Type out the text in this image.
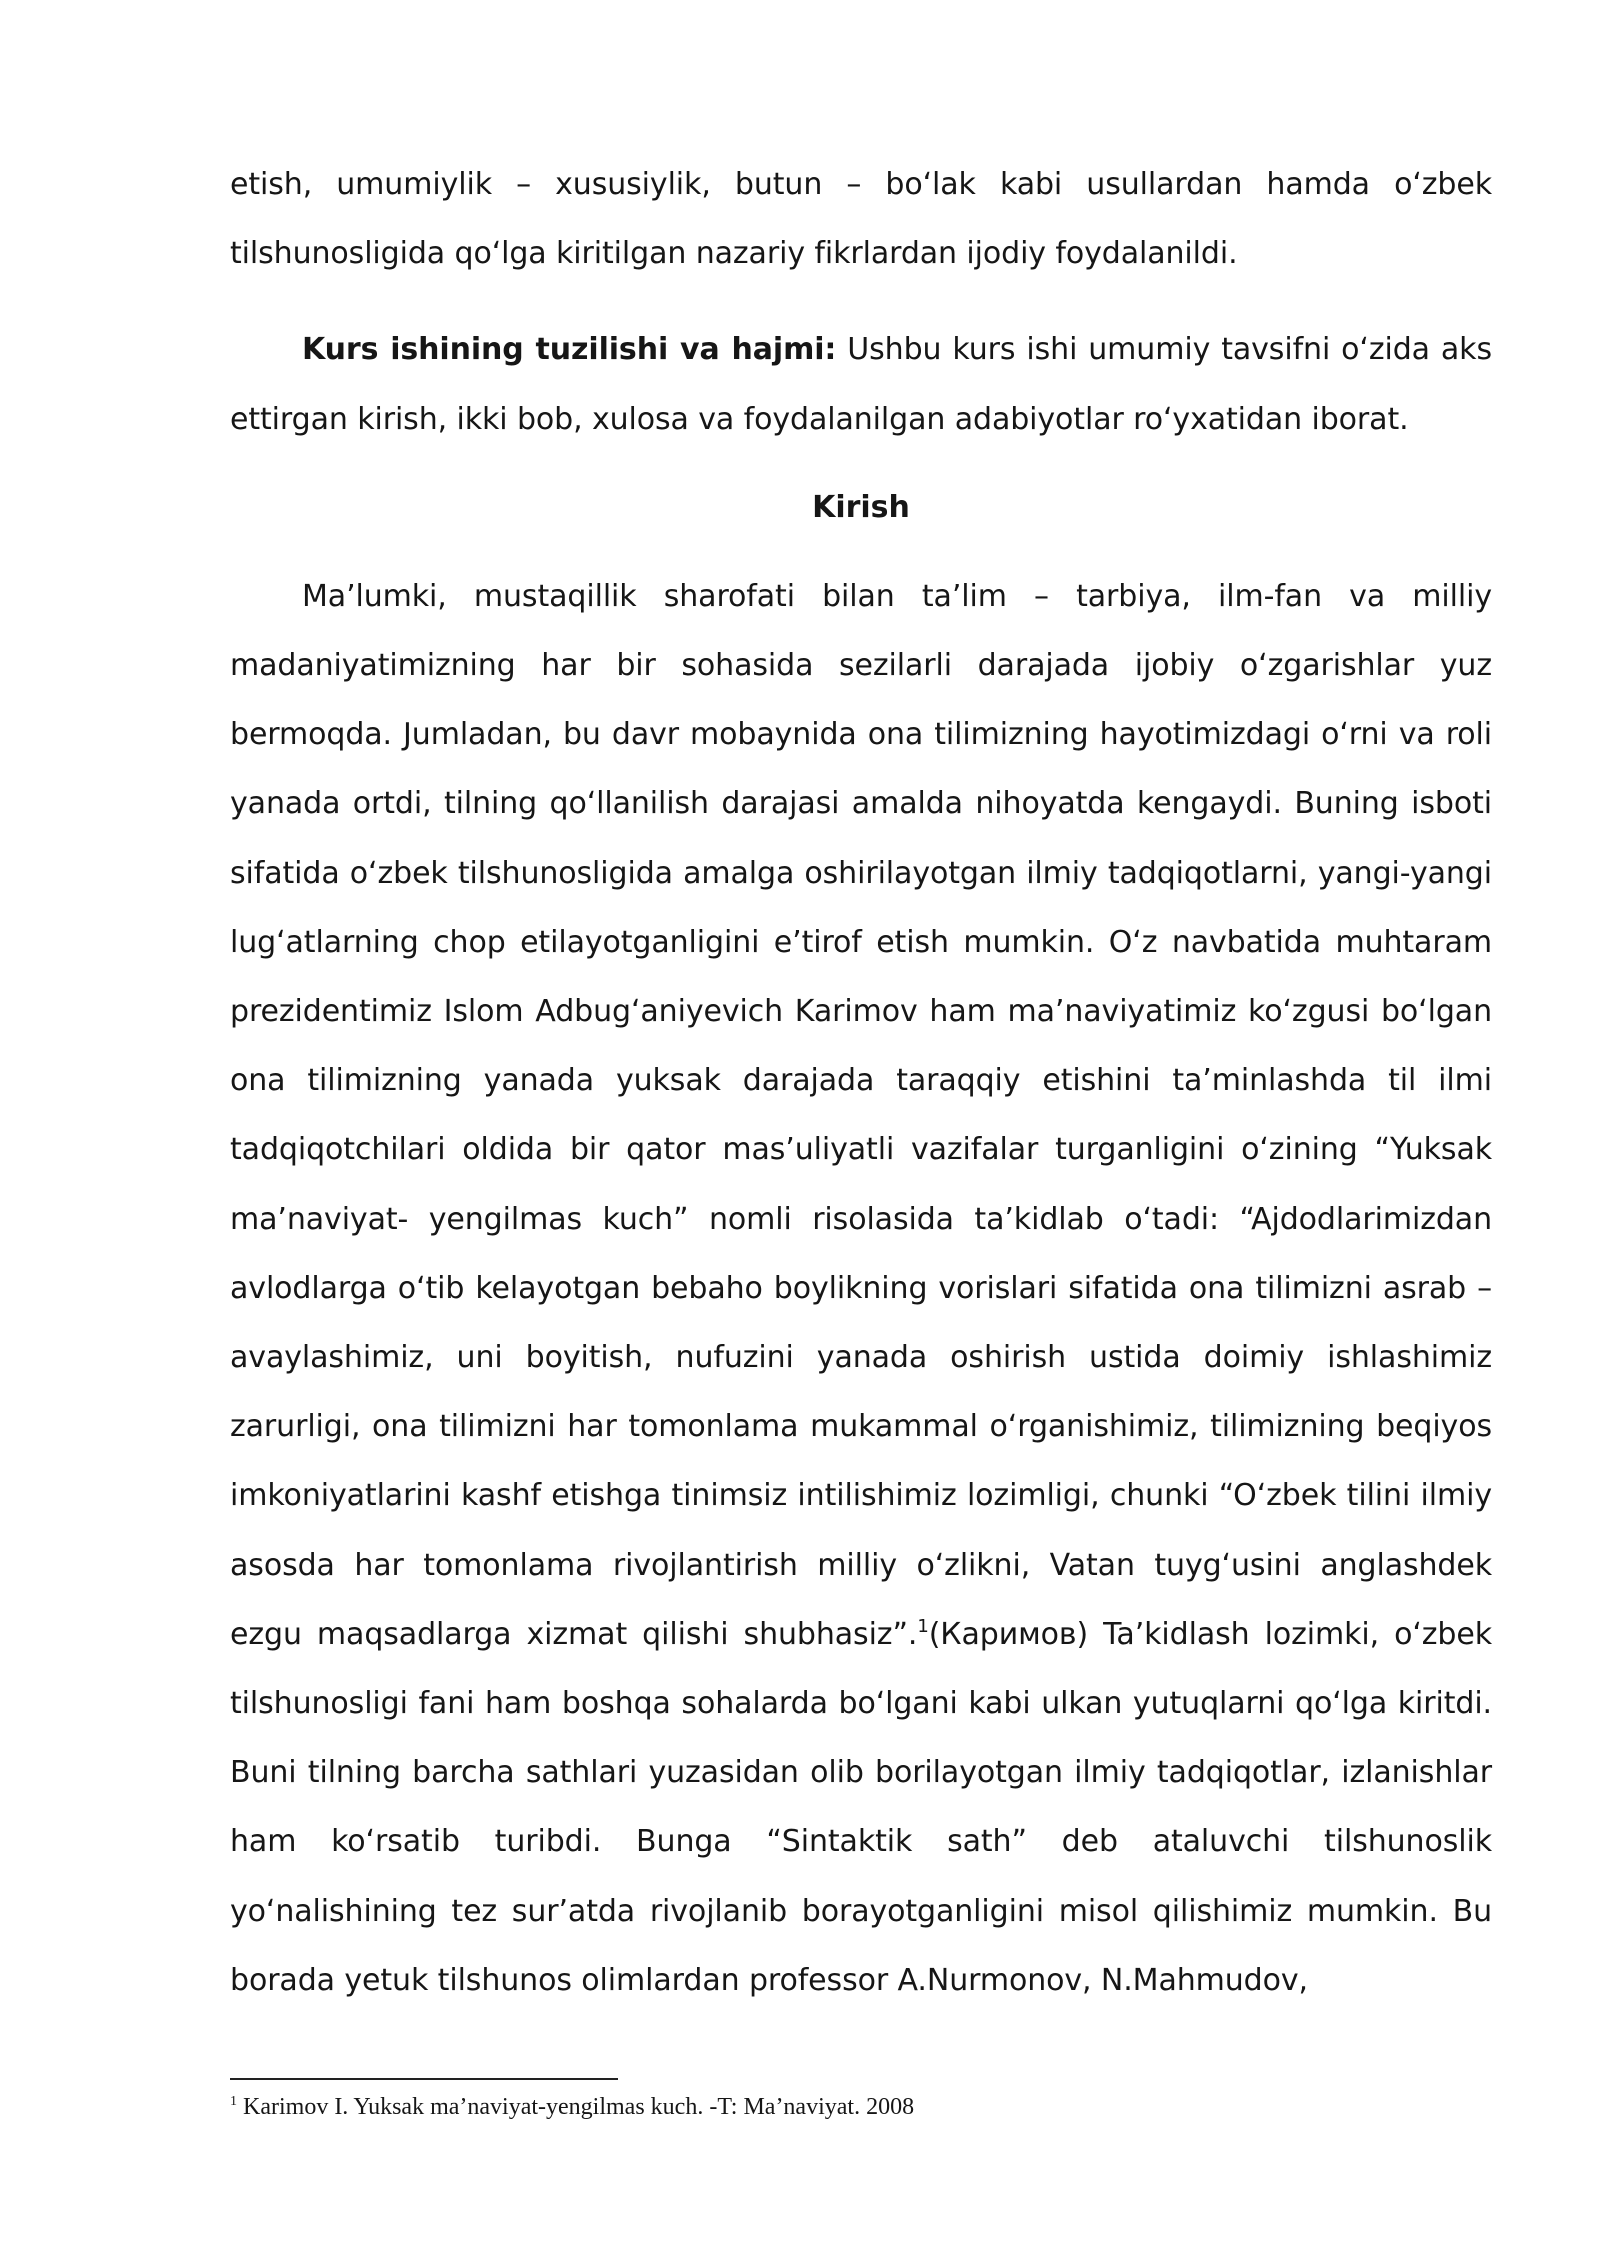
etish, umumiylik – xususiylik, butun – boʻlak kabi usullardan hamda oʻzbek tilshunosligida qoʻlga kiritilgan nazariy fikrlardan ijodiy foydalanildi.

Kurs ishining tuzilishi va hajmi: Ushbu kurs ishi umumiy tavsifni oʻzida aks ettirgan kirish, ikki bob, xulosa va foydalanilgan adabiyotlar roʻyxatidan iborat.

Kirish

Ma’lumki, mustaqillik sharofati bilan ta’lim – tarbiya, ilm-fan va milliy madaniyatimizning har bir sohasida sezilarli darajada ijobiy oʻzgarishlar yuz bermoqda. Jumladan, bu davr mobaynida ona tilimizning hayotimizdagi oʻrni va roli yanada ortdi, tilning qoʻllanilish darajasi amalda nihoyatda kengaydi. Buning isboti sifatida oʻzbek tilshunosligida amalga oshirilayotgan ilmiy tadqiqotlarni, yangi-yangi lugʻatlarning chop etilayotganligini e’tirof etish mumkin. Oʻz navbatida muhtaram prezidentimiz Islom Adbugʻaniyevich Karimov ham ma’naviyatimiz koʻzgusi boʻlgan ona tilimizning yanada yuksak darajada taraqqiy etishini ta’minlashda til ilmi tadqiqotchilari oldida bir qator mas’uliyatli vazifalar turganligini oʻzining “Yuksak ma’naviyat- yengilmas kuch” nomli risolasida ta’kidlab oʻtadi: “Ajdodlarimizdan avlodlarga oʻtib kelayotgan bebaho boylikning vorislari sifatida ona tilimizni asrab – avaylashimiz, uni boyitish, nufuzini yanada oshirish ustida doimiy ishlashimiz zarurligi, ona tilimizni har tomonlama mukammal oʻrganishimiz, tilimizning beqiyos imkoniyatlarini kashf etishga tinimsiz intilishimiz lozimligi, chunki “Oʻzbek tilini ilmiy asosda har tomonlama rivojlantirish milliy oʻzlikni, Vatan tuygʻusini anglashdek ezgu maqsadlarga xizmat qilishi shubhasiz”.$^1$(Каримов) Ta’kidlash lozimki, oʻzbek tilshunosligi fani ham boshqa sohalarda boʻlgani kabi ulkan yutuqlarni qoʻlga kiritdi. Buni tilning barcha sathlari yuzasidan olib borilayotgan ilmiy tadqiqotlar, izlanishlar ham koʻrsatib turibdi. Bunga “Sintaktik sath” deb ataluvchi tilshunoslik yoʻnalishining tez sur’atda rivojlanib borayotganligini misol qilishimiz mumkin. Bu borada yetuk tilshunos olimlardan professor A.Nurmonov, N.Mahmudov,

$^1$ Karimov I. Yuksak ma’naviyat-yengilmas kuch. -T: Ma’naviyat. 2008
